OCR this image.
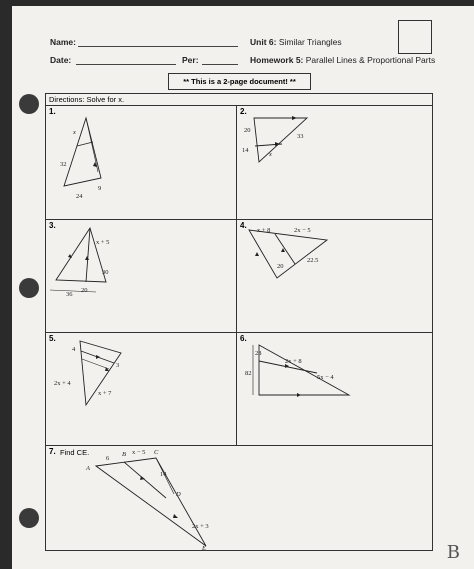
Name:
Date:	Per:
Unit 6: Similar Triangles
Homework 5: Parallel Lines & Proportional Parts
** This is a 2-page document! **
Directions: Solve for x.
1.
x
32
24
9
2.
20
33
14
x
3.
x + 5
30
36
20
4.
x + 8	2x − 5
22.5
20
5.
4
3
2x + 4
x + 7
6.
28
2x + 8
82
5x − 4
7. Find CE.	x − 5 C
6
B
A
14
D
2x + 3
E	B
